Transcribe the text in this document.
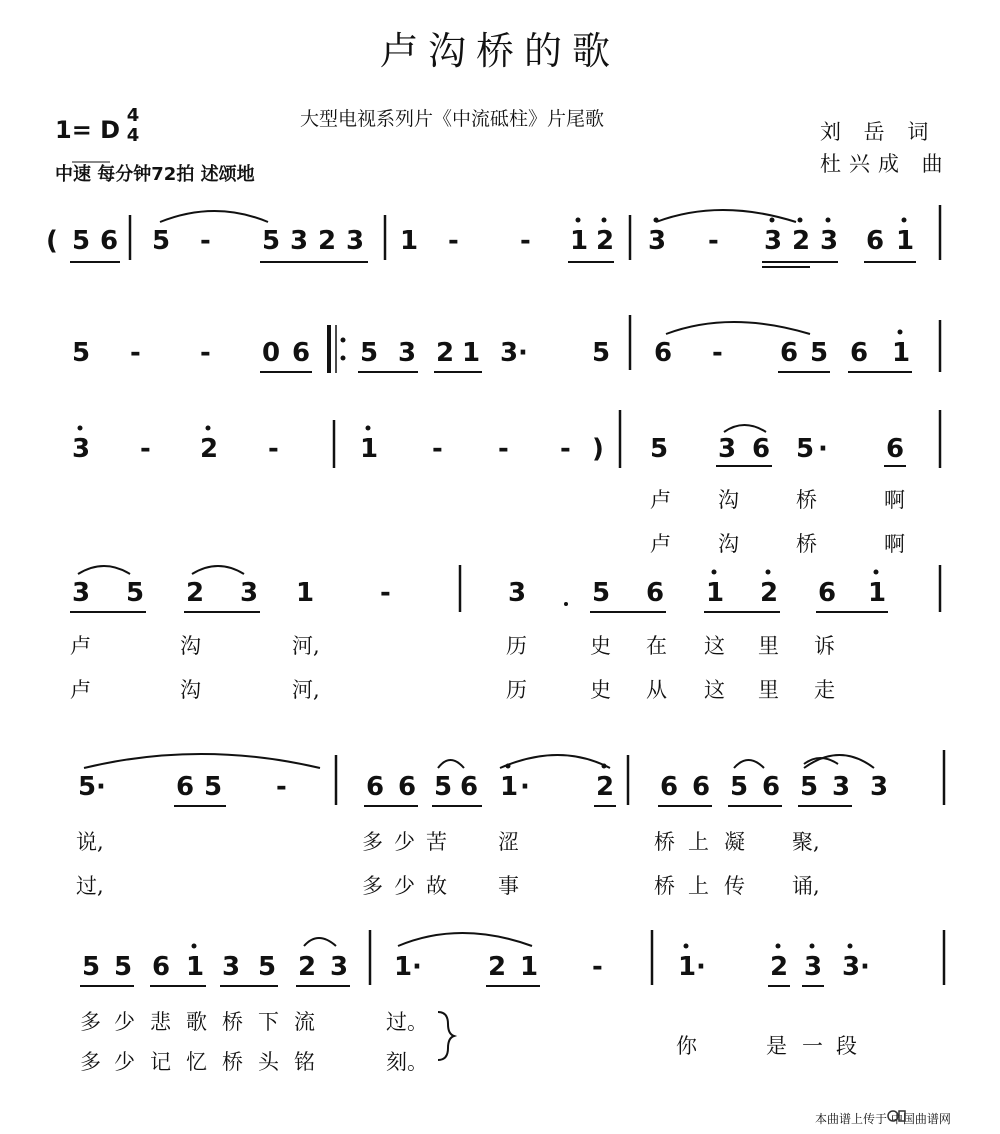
卢沟桥的歌
大型电视系列片《中流砥柱》片尾歌
刘 岳 词
杜兴成 曲
1= D
4
4
中速 每分钟72拍 述颂地
( 5 6 5 - 5 3 2 3 1 - - 1 2 3 - 3 2 3 6 1
5 - - 0 6 5 3 2 1 3 · 5 6 - 6 5 6 1
3 - 2 -	1 - - - ) 5 3 6 5 · 6
卢 沟	桥	啊
卢 沟	桥	啊
3 5 2 3 1	-	3	5 6 1 2 6 1
卢	沟	河,	历	史 在 这 里 诉
卢	沟	河,	历	史 从 这 里 走
5 ·	6 5 -	6 6 5 6 1 ·	2 6 6 5 6 5 3 3
说,	多 少 苦 涩	桥 上 凝 聚,
过,	多 少 故 事	桥 上 传 诵,
5 5 6 1 3 5 2 3 1 ·	2 1 -	1 · 2 3 3 ·
多 少 悲 歌 桥 下 流	过。
多 少 记 忆 桥 头 铭	刻。
你	是 一 段
本曲谱上传于 中国曲谱网
